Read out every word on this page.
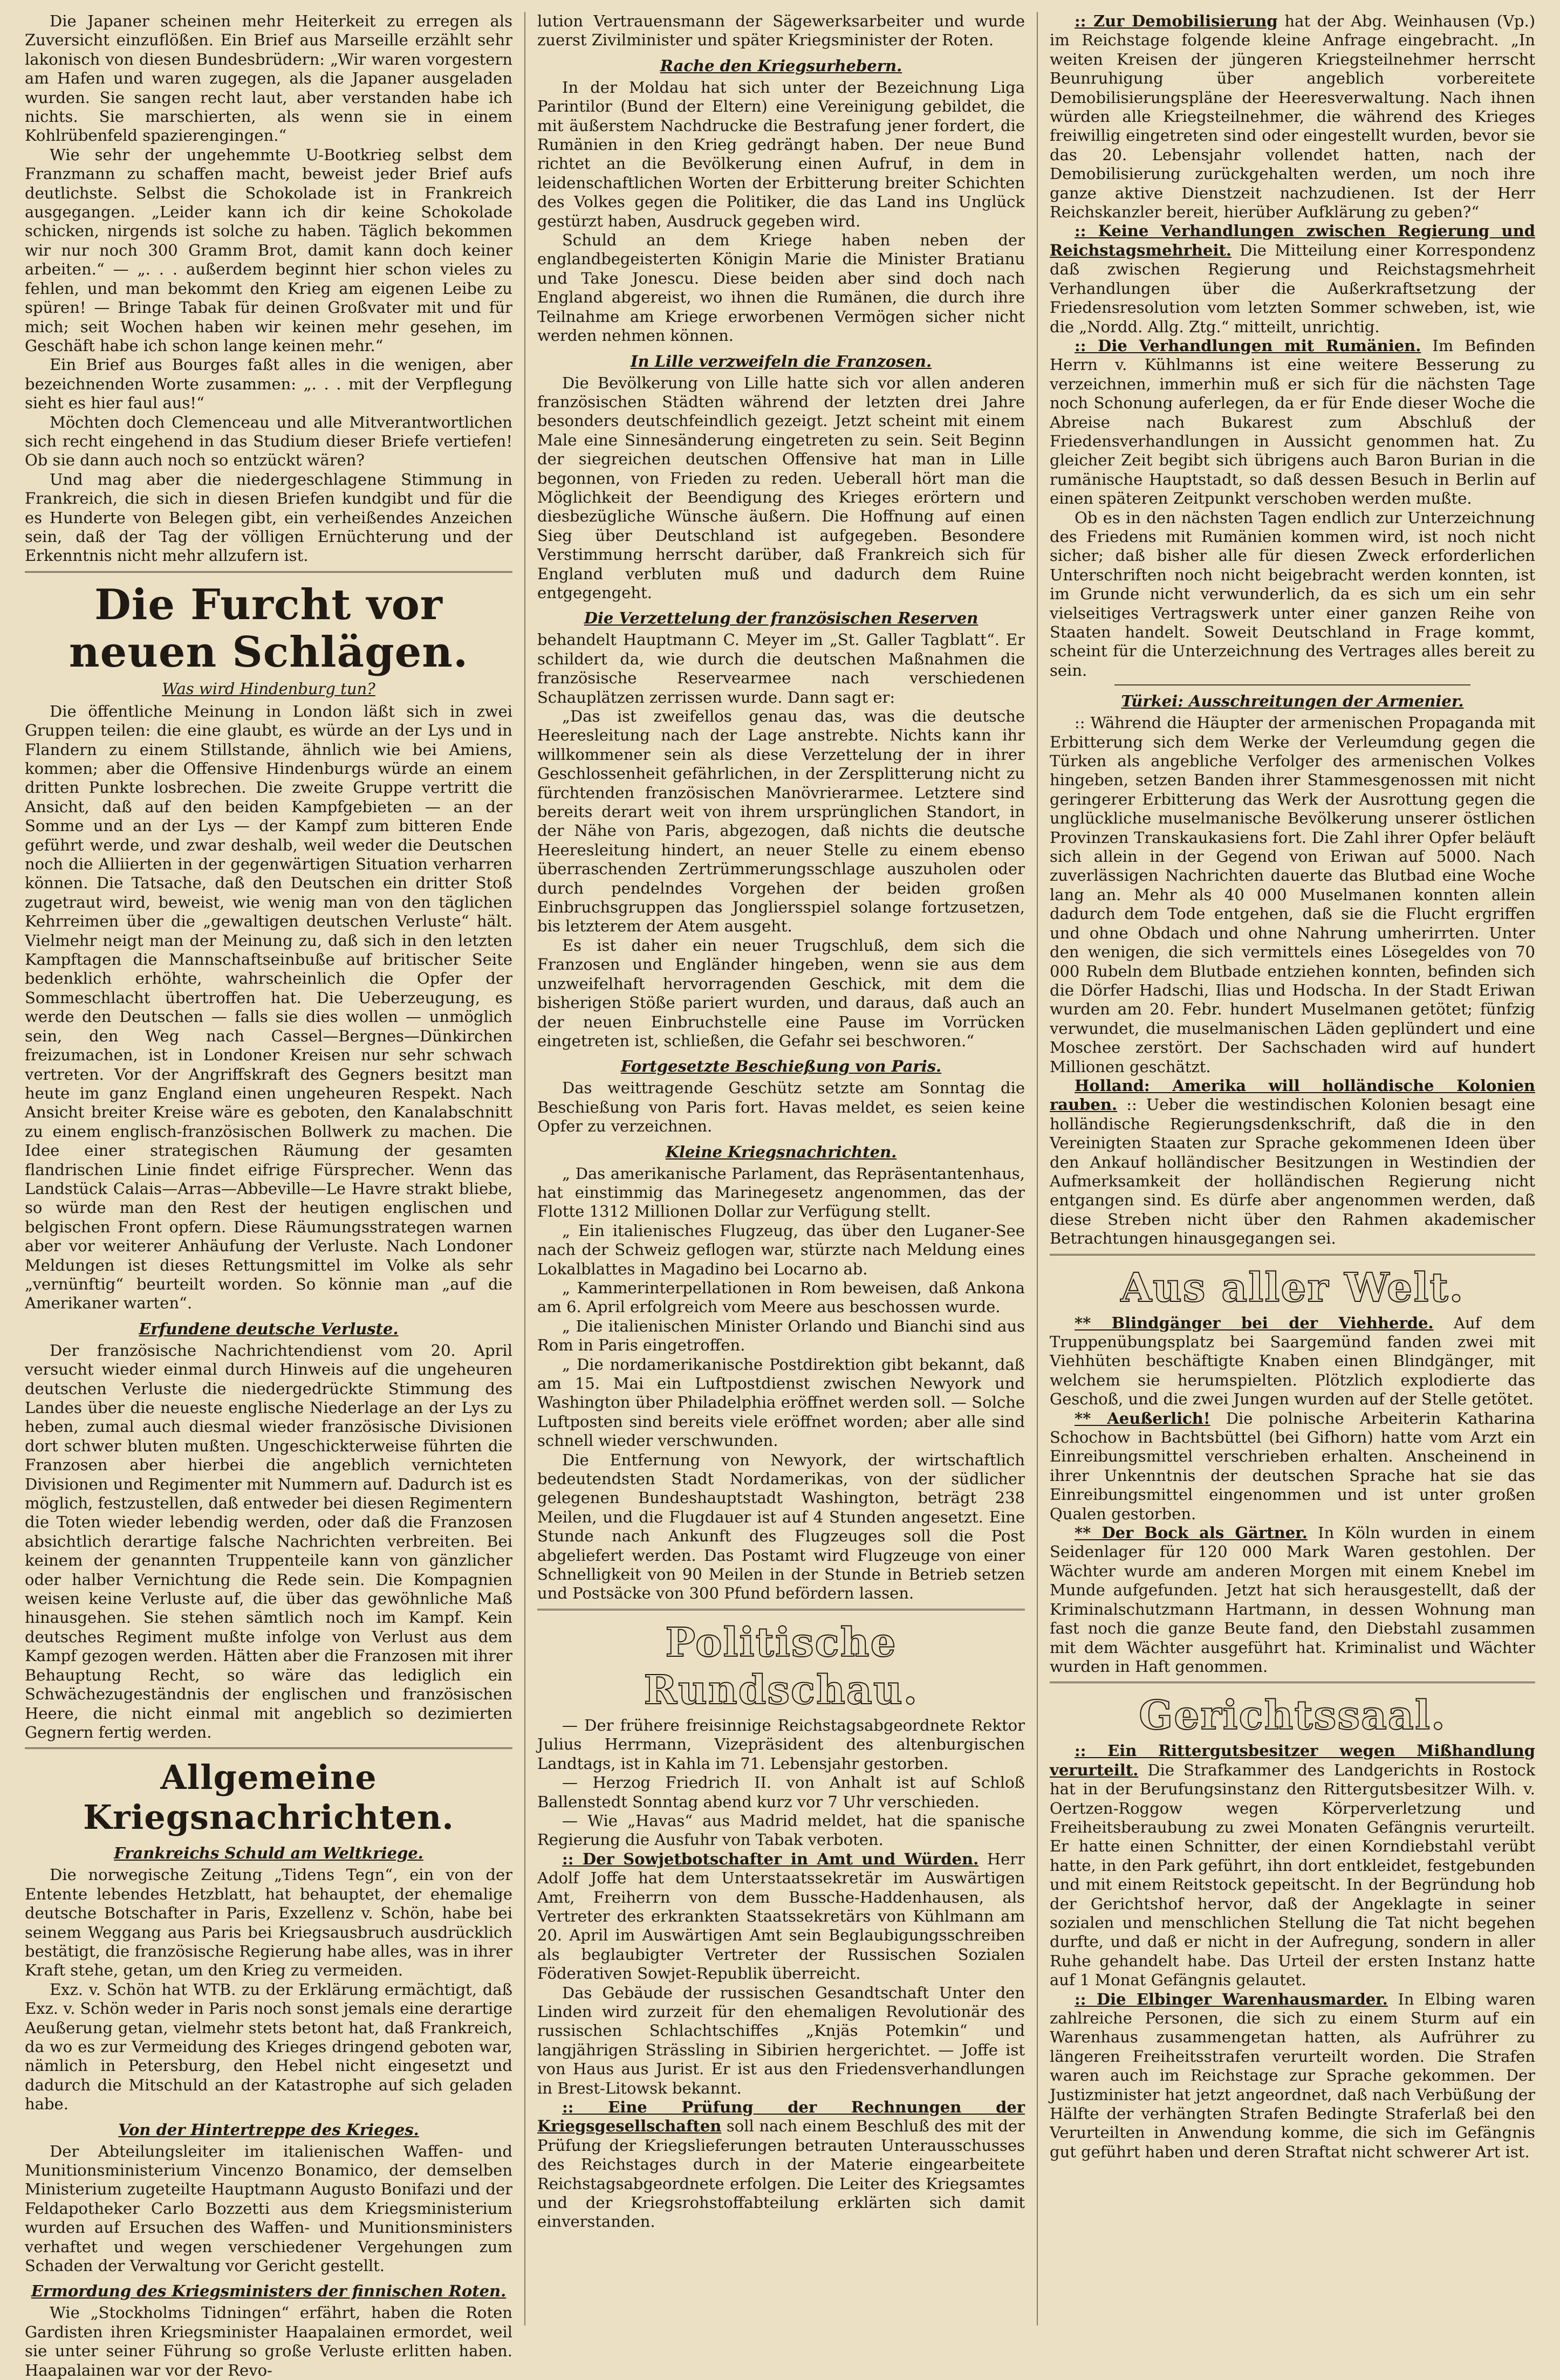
Die Japaner scheinen mehr Heiterkeit zu erregen als Zuversicht einzuflößen. Ein Brief aus Marseille erzählt sehr lakonisch von diesen Bundesbrüdern: „Wir waren vorgestern am Hafen und waren zugegen, als die Japaner ausgeladen wurden. Sie sangen recht laut, aber verstanden habe ich nichts. Sie marschierten, als wenn sie in einem Kohlrübenfeld spazierengingen.“

Wie sehr der ungehemmte U-Bootkrieg selbst dem Franzmann zu schaffen macht, beweist jeder Brief aufs deutlichste. Selbst die Schokolade ist in Frankreich ausgegangen. „Leider kann ich dir keine Schokolade schicken, nirgends ist solche zu haben. Täglich bekommen wir nur noch 300 Gramm Brot, damit kann doch keiner arbeiten.“ — „. . . außerdem beginnt hier schon vieles zu fehlen, und man bekommt den Krieg am eigenen Leibe zu spüren! — Bringe Tabak für deinen Großvater mit und für mich; seit Wochen haben wir keinen mehr gesehen, im Geschäft habe ich schon lange keinen mehr.“

Ein Brief aus Bourges faßt alles in die wenigen, aber bezeichnenden Worte zusammen: „. . . mit der Verpflegung sieht es hier faul aus!“

Möchten doch Clemenceau und alle Mitverantwortlichen sich recht eingehend in das Studium dieser Briefe vertiefen! Ob sie dann auch noch so entzückt wären?

Und mag aber die niedergeschlagene Stimmung in Frankreich, die sich in diesen Briefen kundgibt und für die es Hunderte von Belegen gibt, ein verheißendes Anzeichen sein, daß der Tag der völligen Ernüchterung und der Erkenntnis nicht mehr allzufern ist.

Die Furcht vor neuen Schlägen.
Was wird Hindenburg tun?

Die öffentliche Meinung in London läßt sich in zwei Gruppen teilen: die eine glaubt, es würde an der Lys und in Flandern zu einem Stillstande, ähnlich wie bei Amiens, kommen; aber die Offensive Hindenburgs würde an einem dritten Punkte losbrechen. Die zweite Gruppe vertritt die Ansicht, daß auf den beiden Kampfgebieten — an der Somme und an der Lys — der Kampf zum bitteren Ende geführt werde, und zwar deshalb, weil weder die Deutschen noch die Alliierten in der gegenwärtigen Situation verharren können. Die Tatsache, daß den Deutschen ein dritter Stoß zugetraut wird, beweist, wie wenig man von den täglichen Kehrreimen über die „gewaltigen deutschen Verluste“ hält. Vielmehr neigt man der Meinung zu, daß sich in den letzten Kampftagen die Mannschaftseinbuße auf britischer Seite bedenklich erhöhte, wahrscheinlich die Opfer der Sommeschlacht übertroffen hat. Die Ueberzeugung, es werde den Deutschen — falls sie dies wollen — unmöglich sein, den Weg nach Cassel—Bergnes—Dünkirchen freizumachen, ist in Londoner Kreisen nur sehr schwach vertreten. Vor der Angriffskraft des Gegners besitzt man heute im ganz England einen ungeheuren Respekt. Nach Ansicht breiter Kreise wäre es geboten, den Kanalabschnitt zu einem englisch-französischen Bollwerk zu machen. Die Idee einer strategischen Räumung der gesamten flandrischen Linie findet eifrige Fürsprecher. Wenn das Landstück Calais—Arras—Abbeville—Le Havre strakt bliebe, so würde man den Rest der heutigen englischen und belgischen Front opfern. Diese Räumungsstrategen warnen aber vor weiterer Anhäufung der Verluste. Nach Londoner Meldungen ist dieses Rettungsmittel im Volke als sehr „vernünftig“ beurteilt worden. So könnie man „auf die Amerikaner warten“.

Erfundene deutsche Verluste.

Der französische Nachrichtendienst vom 20. April versucht wieder einmal durch Hinweis auf die ungeheuren deutschen Verluste die niedergedrückte Stimmung des Landes über die neueste englische Niederlage an der Lys zu heben, zumal auch diesmal wieder französische Divisionen dort schwer bluten mußten. Ungeschickterweise führten die Franzosen aber hierbei die angeblich vernichteten Divisionen und Regimenter mit Nummern auf. Dadurch ist es möglich, festzustellen, daß entweder bei diesen Regimentern die Toten wieder lebendig werden, oder daß die Franzosen absichtlich derartige falsche Nachrichten verbreiten. Bei keinem der genannten Truppenteile kann von gänzlicher oder halber Vernichtung die Rede sein. Die Kompagnien weisen keine Verluste auf, die über das gewöhnliche Maß hinausgehen. Sie stehen sämtlich noch im Kampf. Kein deutsches Regiment mußte infolge von Verlust aus dem Kampf gezogen werden. Hätten aber die Franzosen mit ihrer Behauptung Recht, so wäre das lediglich ein Schwächezugeständnis der englischen und französischen Heere, die nicht einmal mit angeblich so dezimierten Gegnern fertig werden.

Allgemeine Kriegsnachrichten.
Frankreichs Schuld am Weltkriege.

Die norwegische Zeitung „Tidens Tegn“, ein von der Entente lebendes Hetzblatt, hat behauptet, der ehemalige deutsche Botschafter in Paris, Exzellenz v. Schön, habe bei seinem Weggang aus Paris bei Kriegsausbruch ausdrücklich bestätigt, die französische Regierung habe alles, was in ihrer Kraft stehe, getan, um den Krieg zu vermeiden.

Exz. v. Schön hat WTB. zu der Erklärung ermächtigt, daß Exz. v. Schön weder in Paris noch sonst jemals eine derartige Aeußerung getan, vielmehr stets betont hat, daß Frankreich, da wo es zur Vermeidung des Krieges dringend geboten war, nämlich in Petersburg, den Hebel nicht eingesetzt und dadurch die Mitschuld an der Katastrophe auf sich geladen habe.

Von der Hintertreppe des Krieges.

Der Abteilungsleiter im italienischen Waffen- und Munitionsministerium Vincenzo Bonamico, der demselben Ministerium zugeteilte Hauptmann Augusto Bonifazi und der Feldapotheker Carlo Bozzetti aus dem Kriegsministerium wurden auf Ersuchen des Waffen- und Munitionsministers verhaftet und wegen verschiedener Vergehungen zum Schaden der Verwaltung vor Gericht gestellt.

Ermordung des Kriegsministers der finnischen Roten.

Wie „Stockholms Tidningen“ erfährt, haben die Roten Gardisten ihren Kriegsminister Haapalainen ermordet, weil sie unter seiner Führung so große Verluste erlitten haben. Haapalainen war vor der Revo-

lution Vertrauensmann der Sägewerksarbeiter und wurde zuerst Zivilminister und später Kriegsminister der Roten.

Rache den Kriegsurhebern.

In der Moldau hat sich unter der Bezeichnung Liga Parintilor (Bund der Eltern) eine Vereinigung gebildet, die mit äußerstem Nachdrucke die Bestrafung jener fordert, die Rumänien in den Krieg gedrängt haben. Der neue Bund richtet an die Bevölkerung einen Aufruf, in dem in leidenschaftlichen Worten der Erbitterung breiter Schichten des Volkes gegen die Politiker, die das Land ins Unglück gestürzt haben, Ausdruck gegeben wird.

Schuld an dem Kriege haben neben der englandbegeisterten Königin Marie die Minister Bratianu und Take Jonescu. Diese beiden aber sind doch nach England abgereist, wo ihnen die Rumänen, die durch ihre Teilnahme am Kriege erworbenen Vermögen sicher nicht werden nehmen können.

In Lille verzweifeln die Franzosen.

Die Bevölkerung von Lille hatte sich vor allen anderen französischen Städten während der letzten drei Jahre besonders deutschfeindlich gezeigt. Jetzt scheint mit einem Male eine Sinnesänderung eingetreten zu sein. Seit Beginn der siegreichen deutschen Offensive hat man in Lille begonnen, von Frieden zu reden. Ueberall hört man die Möglichkeit der Beendigung des Krieges erörtern und diesbezügliche Wünsche äußern. Die Hoffnung auf einen Sieg über Deutschland ist aufgegeben. Besondere Verstimmung herrscht darüber, daß Frankreich sich für England verbluten muß und dadurch dem Ruine entgegengeht.

Die Verzettelung der französischen Reserven

behandelt Hauptmann C. Meyer im „St. Galler Tagblatt“. Er schildert da, wie durch die deutschen Maßnahmen die französische Reservearmee nach verschiedenen Schauplätzen zerrissen wurde. Dann sagt er:

„Das ist zweifellos genau das, was die deutsche Heeresleitung nach der Lage anstrebte. Nichts kann ihr willkommener sein als diese Verzettelung der in ihrer Geschlossenheit gefährlichen, in der Zersplitterung nicht zu fürchtenden französischen Manövrierarmee. Letztere sind bereits derart weit von ihrem ursprünglichen Standort, in der Nähe von Paris, abgezogen, daß nichts die deutsche Heeresleitung hindert, an neuer Stelle zu einem ebenso überraschenden Zertrümmerungsschlage auszuholen oder durch pendelndes Vorgehen der beiden großen Einbruchsgruppen das Jongliersspiel solange fortzusetzen, bis letzterem der Atem ausgeht.

Es ist daher ein neuer Trugschluß, dem sich die Franzosen und Engländer hingeben, wenn sie aus dem unzweifelhaft hervorragenden Geschick, mit dem die bisherigen Stöße pariert wurden, und daraus, daß auch an der neuen Einbruchstelle eine Pause im Vorrücken eingetreten ist, schließen, die Gefahr sei beschworen.“

Fortgesetzte Beschießung von Paris.

Das weittragende Geschütz setzte am Sonntag die Beschießung von Paris fort. Havas meldet, es seien keine Opfer zu verzeichnen.

Kleine Kriegsnachrichten.

„ Das amerikanische Parlament, das Repräsentantenhaus, hat einstimmig das Marinegesetz angenommen, das der Flotte 1312 Millionen Dollar zur Verfügung stellt.

„ Ein italienisches Flugzeug, das über den Luganer-See nach der Schweiz geflogen war, stürzte nach Meldung eines Lokalblattes in Magadino bei Locarno ab.

„ Kammerinterpellationen in Rom beweisen, daß Ankona am 6. April erfolgreich vom Meere aus beschossen wurde.

„ Die italienischen Minister Orlando und Bianchi sind aus Rom in Paris eingetroffen.

„ Die nordamerikanische Postdirektion gibt bekannt, daß am 15. Mai ein Luftpostdienst zwischen Newyork und Washington über Philadelphia eröffnet werden soll. — Solche Luftposten sind bereits viele eröffnet worden; aber alle sind schnell wieder verschwunden.

Die Entfernung von Newyork, der wirtschaftlich bedeutendsten Stadt Nordamerikas, von der südlicher gelegenen Bundeshauptstadt Washington, beträgt 238 Meilen, und die Flugdauer ist auf 4 Stunden angesetzt. Eine Stunde nach Ankunft des Flugzeuges soll die Post abgeliefert werden. Das Postamt wird Flugzeuge von einer Schnelligkeit von 90 Meilen in der Stunde in Betrieb setzen und Postsäcke von 300 Pfund befördern lassen.

Politische Rundschau.

— Der frühere freisinnige Reichstagsabgeordnete Rektor Julius Herrmann, Vizepräsident des altenburgischen Landtags, ist in Kahla im 71. Lebensjahr gestorben.

— Herzog Friedrich II. von Anhalt ist auf Schloß Ballenstedt Sonntag abend kurz vor 7 Uhr verschieden.

— Wie „Havas“ aus Madrid meldet, hat die spanische Regierung die Ausfuhr von Tabak verboten.

:: Der Sowjetbotschafter in Amt und Würden. Herr Adolf Joffe hat dem Unterstaatssekretär im Auswärtigen Amt, Freiherrn von dem Bussche-Haddenhausen, als Vertreter des erkrankten Staatssekretärs von Kühlmann am 20. April im Auswärtigen Amt sein Beglaubigungsschreiben als beglaubigter Vertreter der Russischen Sozialen Föderativen Sowjet-Republik überreicht.

Das Gebäude der russischen Gesandtschaft Unter den Linden wird zurzeit für den ehemaligen Revolutionär des russischen Schlachtschiffes „Knjäs Potemkin“ und langjährigen Strässling in Sibirien hergerichtet. — Joffe ist von Haus aus Jurist. Er ist aus den Friedensverhandlungen in Brest-Litowsk bekannt.

:: Eine Prüfung der Rechnungen der Kriegsgesellschaften soll nach einem Beschluß des mit der Prüfung der Kriegslieferungen betrauten Unterausschusses des Reichstages durch in der Materie eingearbeitete Reichstagsabgeordnete erfolgen. Die Leiter des Kriegsamtes und der Kriegsrohstoffabteilung erklärten sich damit einverstanden.

:: Zur Demobilisierung hat der Abg. Weinhausen (Vp.) im Reichstage folgende kleine Anfrage eingebracht. „In weiten Kreisen der jüngeren Kriegsteilnehmer herrscht Beunruhigung über angeblich vorbereitete Demobilisierungspläne der Heeresverwaltung. Nach ihnen würden alle Kriegsteilnehmer, die während des Krieges freiwillig eingetreten sind oder eingestellt wurden, bevor sie das 20. Lebensjahr vollendet hatten, nach der Demobilisierung zurückgehalten werden, um noch ihre ganze aktive Dienstzeit nachzudienen. Ist der Herr Reichskanzler bereit, hierüber Aufklärung zu geben?“

:: Keine Verhandlungen zwischen Regierung und Reichstagsmehrheit. Die Mitteilung einer Korrespondenz daß zwischen Regierung und Reichstagsmehrheit Verhandlungen über die Außerkraftsetzung der Friedensresolution vom letzten Sommer schweben, ist, wie die „Nordd. Allg. Ztg.“ mitteilt, unrichtig.

:: Die Verhandlungen mit Rumänien. Im Befinden Herrn v. Kühlmanns ist eine weitere Besserung zu verzeichnen, immerhin muß er sich für die nächsten Tage noch Schonung auferlegen, da er für Ende dieser Woche die Abreise nach Bukarest zum Abschluß der Friedensverhandlungen in Aussicht genommen hat. Zu gleicher Zeit begibt sich übrigens auch Baron Burian in die rumänische Hauptstadt, so daß dessen Besuch in Berlin auf einen späteren Zeitpunkt verschoben werden mußte.

Ob es in den nächsten Tagen endlich zur Unterzeichnung des Friedens mit Rumänien kommen wird, ist noch nicht sicher; daß bisher alle für diesen Zweck erforderlichen Unterschriften noch nicht beigebracht werden konnten, ist im Grunde nicht verwunderlich, da es sich um ein sehr vielseitiges Vertragswerk unter einer ganzen Reihe von Staaten handelt. Soweit Deutschland in Frage kommt, scheint für die Unterzeichnung des Vertrages alles bereit zu sein.

Türkei: Ausschreitungen der Armenier.

:: Während die Häupter der armenischen Propaganda mit Erbitterung sich dem Werke der Verleumdung gegen die Türken als angebliche Verfolger des armenischen Volkes hingeben, setzen Banden ihrer Stammesgenossen mit nicht geringerer Erbitterung das Werk der Ausrottung gegen die unglückliche muselmanische Bevölkerung unserer östlichen Provinzen Transkaukasiens fort. Die Zahl ihrer Opfer beläuft sich allein in der Gegend von Eriwan auf 5000. Nach zuverlässigen Nachrichten dauerte das Blutbad eine Woche lang an. Mehr als 40 000 Muselmanen konnten allein dadurch dem Tode entgehen, daß sie die Flucht ergriffen und ohne Obdach und ohne Nahrung umherirrten. Unter den wenigen, die sich vermittels eines Lösegeldes von 70 000 Rubeln dem Blutbade entziehen konnten, befinden sich die Dörfer Hadschi, Ilias und Hodscha. In der Stadt Eriwan wurden am 20. Febr. hundert Muselmanen getötet; fünfzig verwundet, die muselmanischen Läden geplündert und eine Moschee zerstört. Der Sachschaden wird auf hundert Millionen geschätzt.

Holland: Amerika will holländische Kolonien rauben. :: Ueber die westindischen Kolonien besagt eine holländische Regierungsdenkschrift, daß die in den Vereinigten Staaten zur Sprache gekommenen Ideen über den Ankauf holländischer Besitzungen in Westindien der Aufmerksamkeit der holländischen Regierung nicht entgangen sind. Es dürfe aber angenommen werden, daß diese Streben nicht über den Rahmen akademischer Betrachtungen hinausgegangen sei.

Aus aller Welt.

** Blindgänger bei der Viehherde. Auf dem Truppenübungsplatz bei Saargemünd fanden zwei mit Viehhüten beschäftigte Knaben einen Blindgänger, mit welchem sie herumspielten. Plötzlich explodierte das Geschoß, und die zwei Jungen wurden auf der Stelle getötet.

** Aeußerlich! Die polnische Arbeiterin Katharina Schochow in Bachtsbüttel (bei Gifhorn) hatte vom Arzt ein Einreibungsmittel verschrieben erhalten. Anscheinend in ihrer Unkenntnis der deutschen Sprache hat sie das Einreibungsmittel eingenommen und ist unter großen Qualen gestorben.

** Der Bock als Gärtner. In Köln wurden in einem Seidenlager für 120 000 Mark Waren gestohlen. Der Wächter wurde am anderen Morgen mit einem Knebel im Munde aufgefunden. Jetzt hat sich herausgestellt, daß der Kriminalschutzmann Hartmann, in dessen Wohnung man fast noch die ganze Beute fand, den Diebstahl zusammen mit dem Wächter ausgeführt hat. Kriminalist und Wächter wurden in Haft genommen.

Gerichtssaal.

:: Ein Rittergutsbesitzer wegen Mißhandlung verurteilt. Die Strafkammer des Landgerichts in Rostock hat in der Berufungsinstanz den Rittergutsbesitzer Wilh. v. Oertzen-Roggow wegen Körperverletzung und Freiheitsberaubung zu zwei Monaten Gefängnis verurteilt. Er hatte einen Schnitter, der einen Korndiebstahl verübt hatte, in den Park geführt, ihn dort entkleidet, festgebunden und mit einem Reitstock gepeitscht. In der Begründung hob der Gerichtshof hervor, daß der Angeklagte in seiner sozialen und menschlichen Stellung die Tat nicht begehen durfte, und daß er nicht in der Aufregung, sondern in aller Ruhe gehandelt habe. Das Urteil der ersten Instanz hatte auf 1 Monat Gefängnis gelautet.

:: Die Elbinger Warenhausmarder. In Elbing waren zahlreiche Personen, die sich zu einem Sturm auf ein Warenhaus zusammengetan hatten, als Aufrührer zu längeren Freiheitsstrafen verurteilt worden. Die Strafen waren auch im Reichstage zur Sprache gekommen. Der Justizminister hat jetzt angeordnet, daß nach Verbüßung der Hälfte der verhängten Strafen Bedingte Straferlaß bei den Verurteilten in Anwendung komme, die sich im Gefängnis gut geführt haben und deren Straftat nicht schwerer Art ist.
